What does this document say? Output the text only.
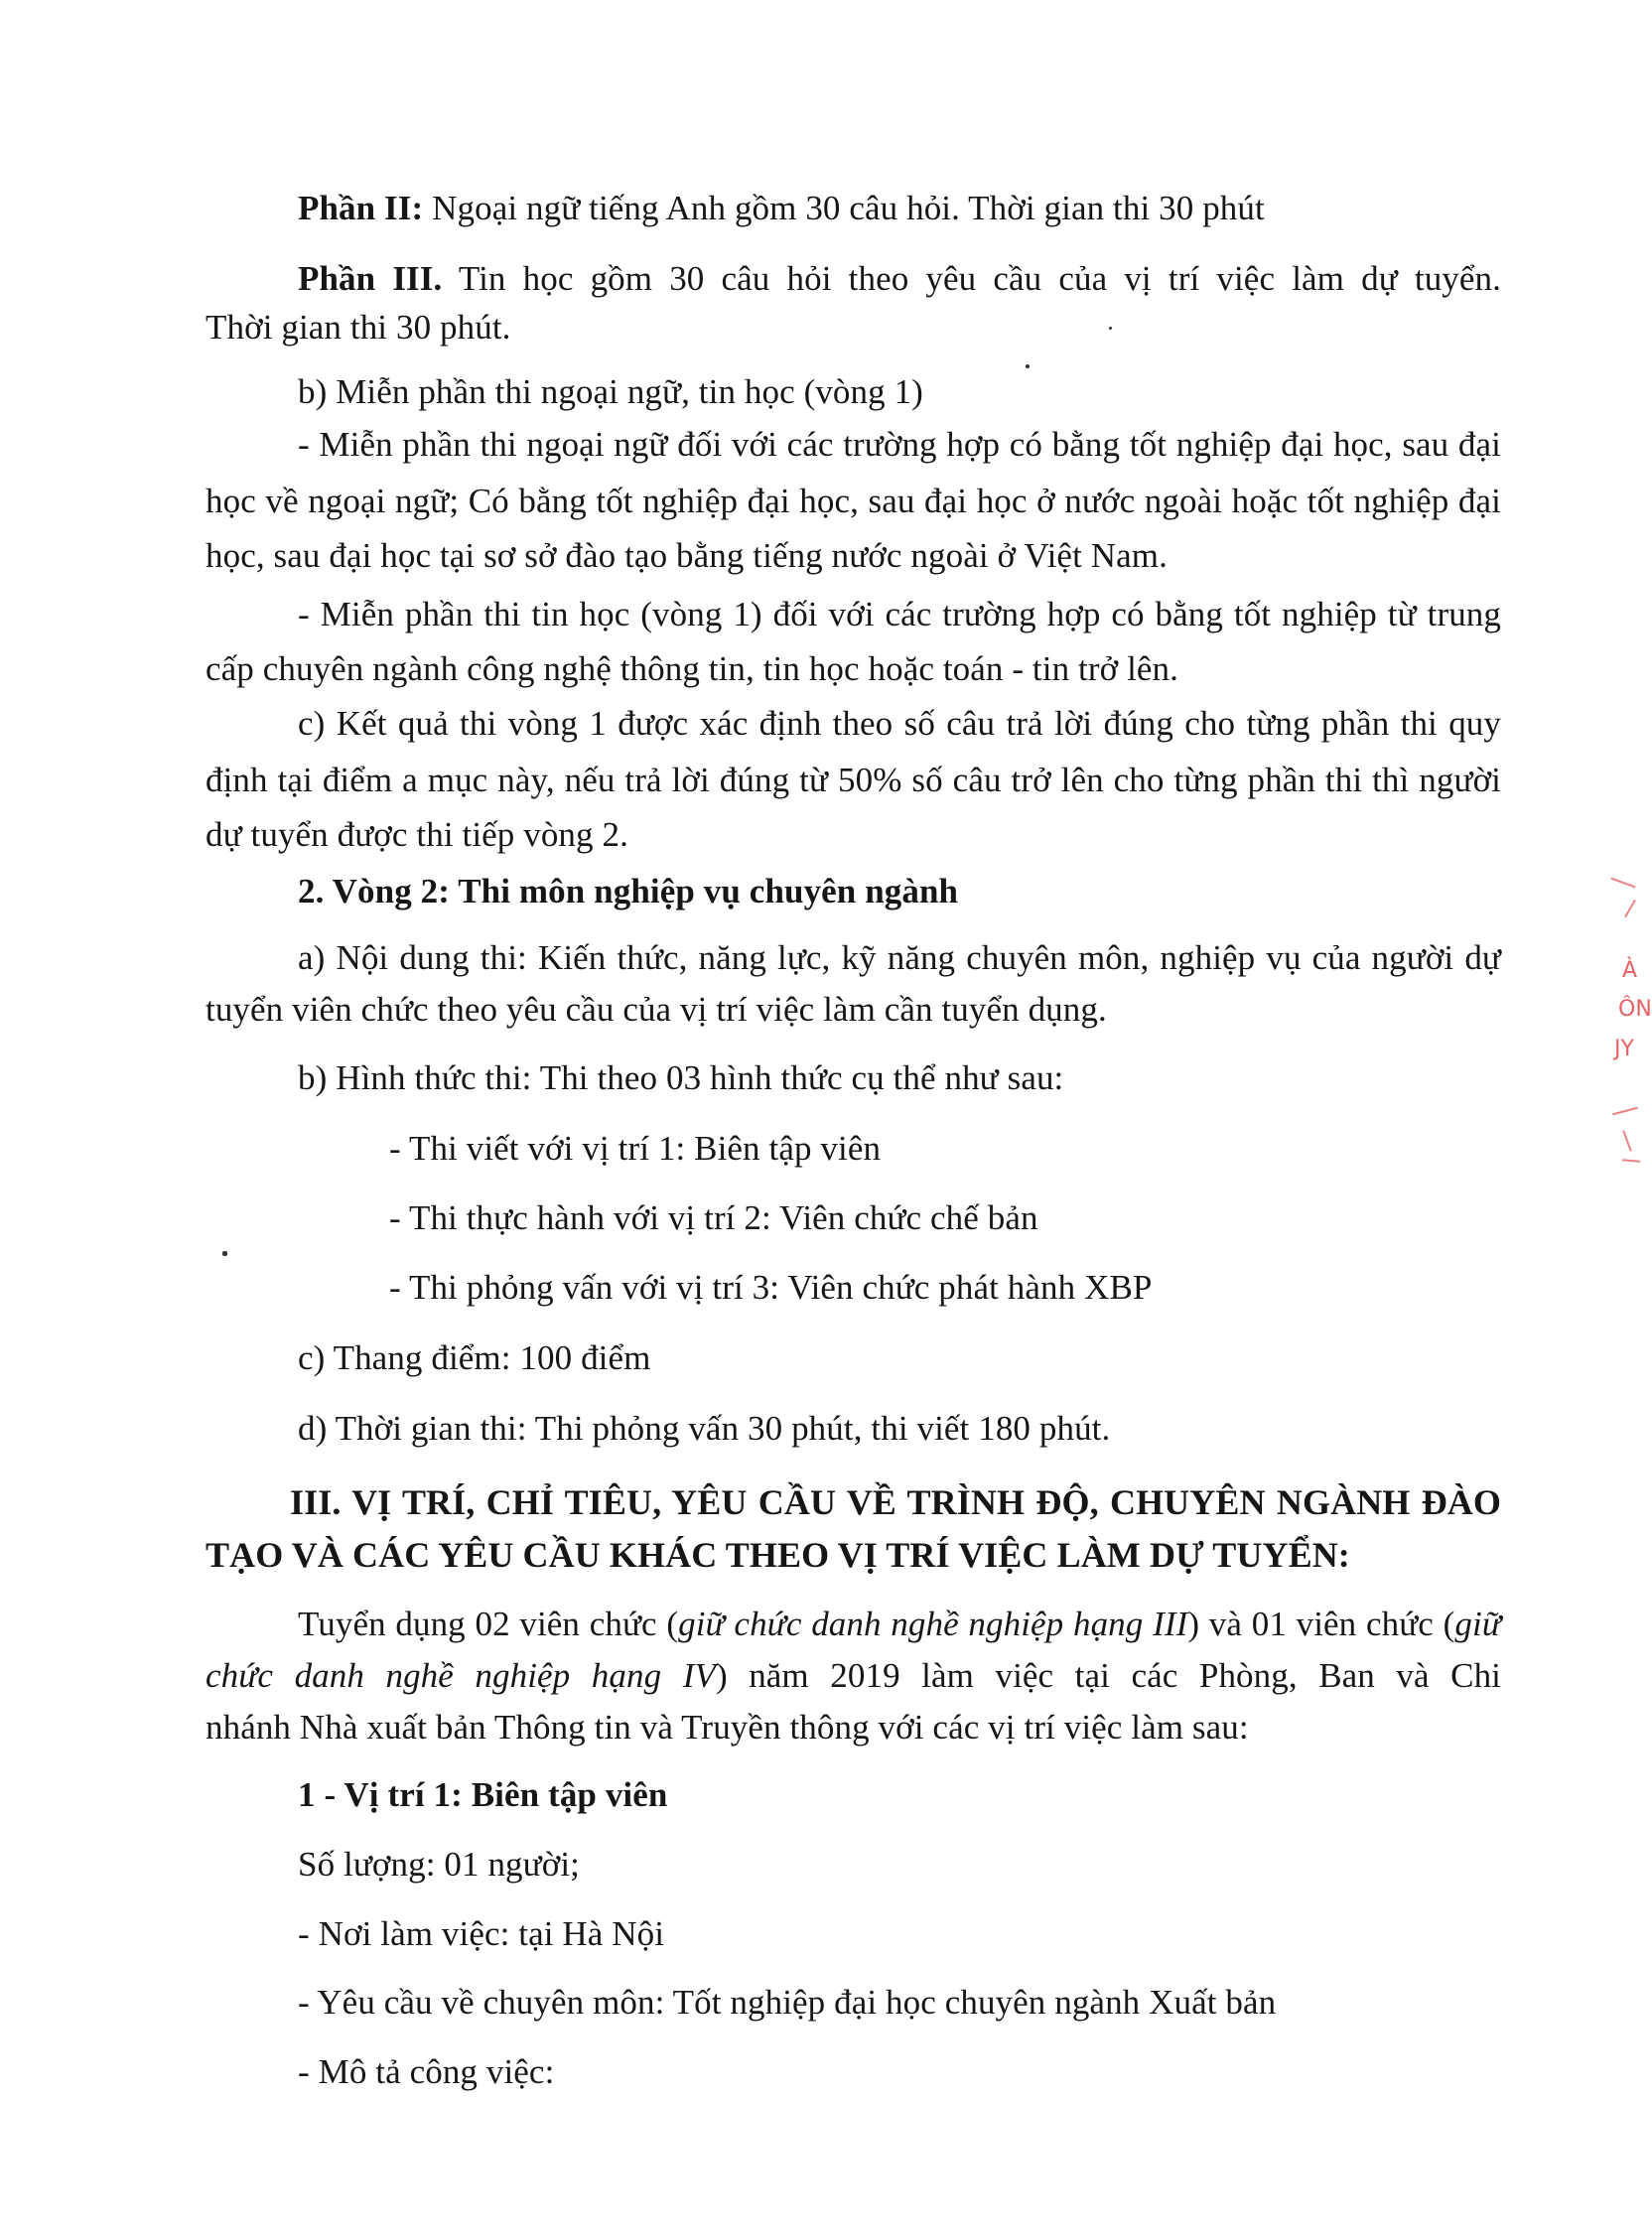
Phần II: Ngoại ngữ tiếng Anh gồm 30 câu hỏi. Thời gian thi 30 phút
Phần III. Tin học gồm 30 câu hỏi theo yêu cầu của vị trí việc làm dự tuyển.
Thời gian thi 30 phút.
b) Miễn phần thi ngoại ngữ, tin học (vòng 1)
- Miễn phần thi ngoại ngữ đối với các trường hợp có bằng tốt nghiệp đại học, sau đại
học về ngoại ngữ; Có bằng tốt nghiệp đại học, sau đại học ở nước ngoài hoặc tốt nghiệp đại
học, sau đại học tại sơ sở đào tạo bằng tiếng nước ngoài ở Việt Nam.
- Miễn phần thi tin học (vòng 1) đối với các trường hợp có bằng tốt nghiệp từ trung
cấp chuyên ngành công nghệ thông tin, tin học hoặc toán - tin trở lên.
c) Kết quả thi vòng 1 được xác định theo số câu trả lời đúng cho từng phần thi quy
định tại điểm a mục này, nếu trả lời đúng từ 50% số câu trở lên cho từng phần thi thì người
dự tuyển được thi tiếp vòng 2.
2. Vòng 2: Thi môn nghiệp vụ chuyên ngành
a) Nội dung thi: Kiến thức, năng lực, kỹ năng chuyên môn, nghiệp vụ của người dự
tuyển viên chức theo yêu cầu của vị trí việc làm cần tuyển dụng.
b) Hình thức thi: Thi theo 03 hình thức cụ thể như sau:
- Thi viết với vị trí 1: Biên tập viên
- Thi thực hành với vị trí 2: Viên chức chế bản
- Thi phỏng vấn với vị trí 3: Viên chức phát hành XBP
c) Thang điểm: 100 điểm
d) Thời gian thi: Thi phỏng vấn 30 phút, thi viết 180 phút.
III. VỊ TRÍ, CHỈ TIÊU, YÊU CẦU VỀ TRÌNH ĐỘ, CHUYÊN NGÀNH ĐÀO
TẠO VÀ CÁC YÊU CẦU KHÁC THEO VỊ TRÍ VIỆC LÀM DỰ TUYỂN:
Tuyển dụng 02 viên chức (giữ chức danh nghề nghiệp hạng III) và 01 viên chức (giữ
chức danh nghề nghiệp hạng IV) năm 2019 làm việc tại các Phòng, Ban và Chi
nhánh Nhà xuất bản Thông tin và Truyền thông với các vị trí việc làm sau:
1 - Vị trí 1: Biên tập viên
Số lượng: 01 người;
- Nơi làm việc: tại Hà Nội
- Yêu cầu về chuyên môn: Tốt nghiệp đại học chuyên ngành Xuất bản
- Mô tả công việc:
À
ÔN
JY
